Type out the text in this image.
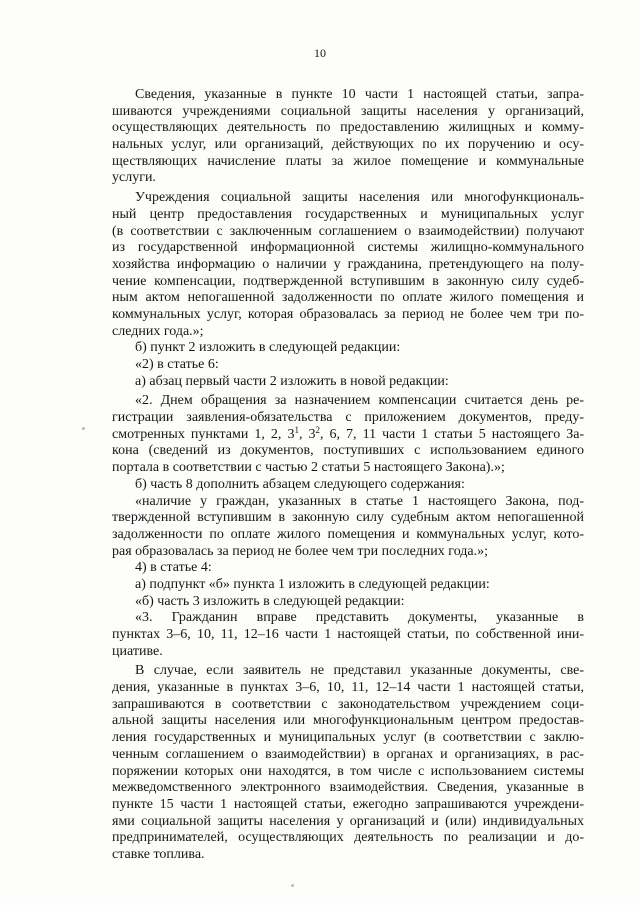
10
Сведения, указанные в пункте 10 части 1 настоящей статьи, запра-
шиваются учреждениями социальной защиты населения у организаций,
осуществляющих деятельность по предоставлению жилищных и комму-
нальных услуг, или организаций, действующих по их поручению и осу-
ществляющих начисление платы за жилое помещение и коммунальные
услуги.
Учреждения социальной защиты населения или многофункциональ-
ный центр предоставления государственных и муниципальных услуг
(в соответствии с заключенным соглашением о взаимодействии) получают
из государственной информационной системы жилищно-коммунального
хозяйства информацию о наличии у гражданина, претендующего на полу-
чение компенсации, подтвержденной вступившим в законную силу судеб-
ным актом непогашенной задолженности по оплате жилого помещения и
коммунальных услуг, которая образовалась за период не более чем три по-
следних года.»;
б) пункт 2 изложить в следующей редакции:
«2) в статье 6:
а) абзац первый части 2 изложить в новой редакции:
«2. Днем обращения за назначением компенсации считается день ре-
гистрации заявления-обязательства с приложением документов, преду-
смотренных пунктами 1, 2, $3^1$, $3^2$, 6, 7, 11 части 1 статьи 5 настоящего За-
кона (сведений из документов, поступивших с использованием единого
портала в соответствии с частью 2 статьи 5 настоящего Закона).»;
б) часть 8 дополнить абзацем следующего содержания:
«наличие у граждан, указанных в статье 1 настоящего Закона, под-
твержденной вступившим в законную силу судебным актом непогашенной
задолженности по оплате жилого помещения и коммунальных услуг, кото-
рая образовалась за период не более чем три последних года.»;
4) в статье 4:
а) подпункт «б» пункта 1 изложить в следующей редакции:
«б) часть 3 изложить в следующей редакции:
«3. Гражданин вправе представить документы, указанные в
пунктах 3–6, 10, 11, 12–16 части 1 настоящей статьи, по собственной ини-
циативе.
В случае, если заявитель не представил указанные документы, све-
дения, указанные в пунктах 3–6, 10, 11, 12–14 части 1 настоящей статьи,
запрашиваются в соответствии с законодательством учреждением соци-
альной защиты населения или многофункциональным центром предостав-
ления государственных и муниципальных услуг (в соответствии с заклю-
ченным соглашением о взаимодействии) в органах и организациях, в рас-
поряжении которых они находятся, в том числе с использованием системы
межведомственного электронного взаимодействия. Сведения, указанные в
пункте 15 части 1 настоящей статьи, ежегодно запрашиваются учреждени-
ями социальной защиты населения у организаций и (или) индивидуальных
предпринимателей, осуществляющих деятельность по реализации и до-
ставке топлива.
